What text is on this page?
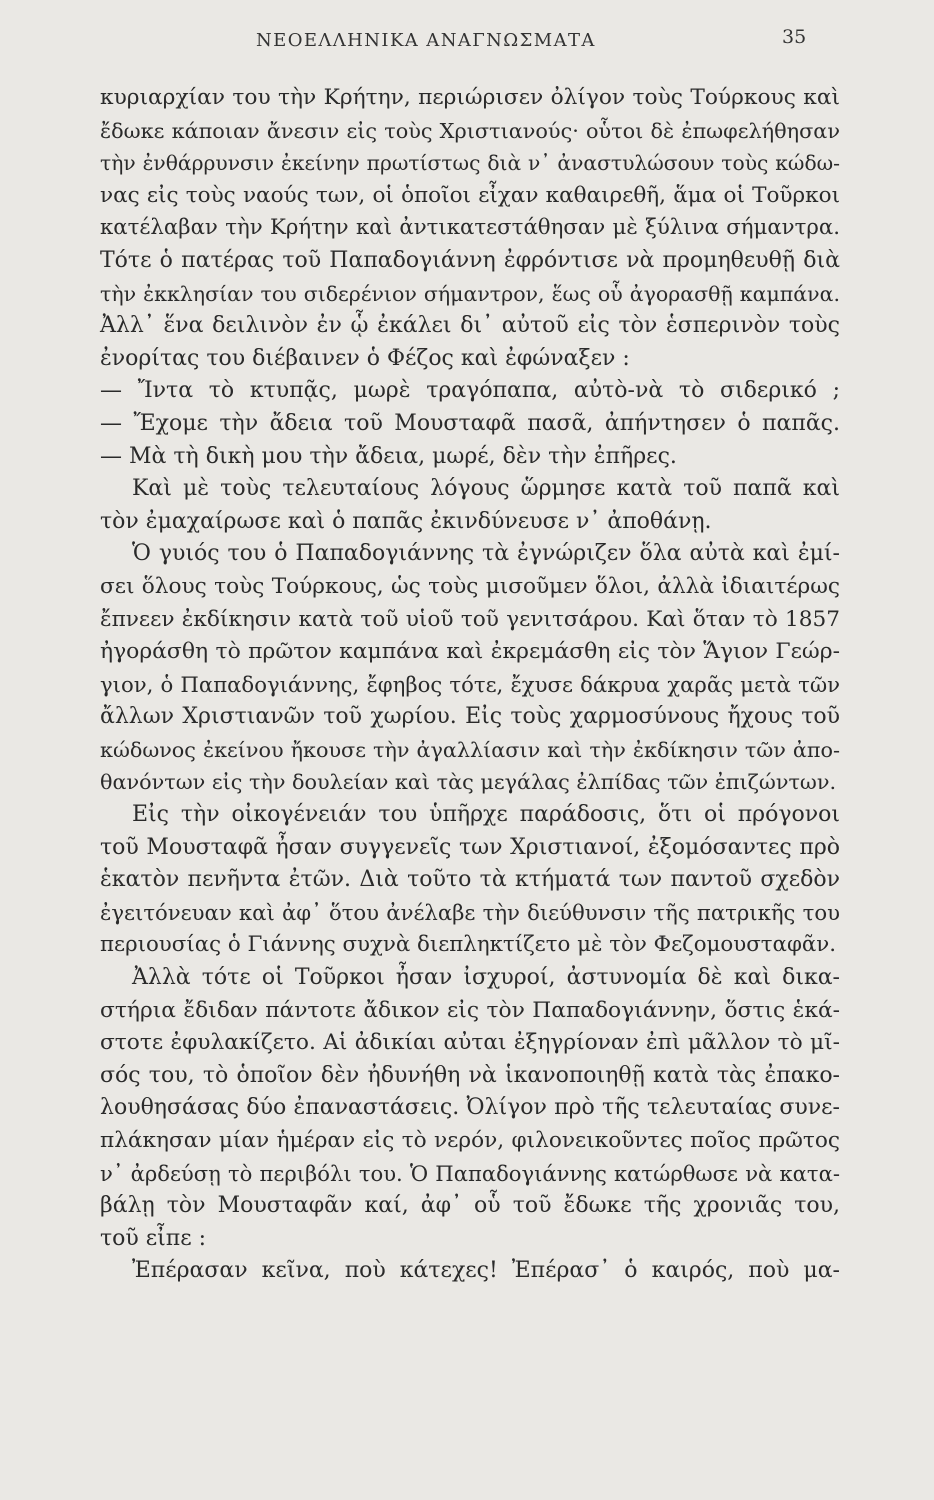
ΝΕΟΕΛΛΗΝΙΚΑ ΑΝΑΓΝΩΣΜΑΤΑ	35
κυριαρχίαν του τὴν Κρήτην, περιώρισεν ὀλίγον τοὺς Τούρκους καὶ
ἔδωκε κάποιαν ἄνεσιν εἰς τοὺς Χριστιανούς· οὗτοι δὲ ἐπωφελήθησαν
τὴν ἐνθάρρυνσιν ἐκείνην πρωτίστως διὰ ν᾿ ἀναστυλώσουν τοὺς κώδω-
νας εἰς τοὺς ναούς των, οἱ ὁποῖοι εἶχαν καθαιρεθῆ, ἅμα οἱ Τοῦρκοι
κατέλαβαν τὴν Κρήτην καὶ ἀντικατεστάθησαν μὲ ξύλινα σήμαντρα.
Τότε ὁ πατέρας τοῦ Παπαδογιάννη ἐφρόντισε νὰ προμηθευθῇ διὰ
τὴν ἐκκλησίαν του σιδερένιον σήμαντρον, ἕως οὗ ἀγορασθῇ καμπάνα.
Ἀλλ᾿ ἕνα δειλινὸν ἐν ᾧ ἐκάλει δι᾿ αὐτοῦ εἰς τὸν ἑσπερινὸν τοὺς
ἐνορίτας του διέβαινεν ὁ Φέζος καὶ ἐφώναξεν :
— Ἴντα τὸ κτυπᾷς, μωρὲ τραγόπαπα, αὐτὸ-νὰ τὸ σιδερικό ;
— Ἔχομε τὴν ἄδεια τοῦ Μουσταφᾶ πασᾶ, ἀπήντησεν ὁ παπᾶς.
— Μὰ τὴ δικὴ μου τὴν ἄδεια, μωρέ, δὲν τὴν ἐπῆρες.
Καὶ μὲ τοὺς τελευταίους λόγους ὥρμησε κατὰ τοῦ παπᾶ καὶ
τὸν ἐμαχαίρωσε καὶ ὁ παπᾶς ἐκινδύνευσε ν᾿ ἀποθάνῃ.
Ὁ γυιός του ὁ Παπαδογιάννης τὰ ἐγνώριζεν ὅλα αὐτὰ καὶ ἐμί-
σει ὅλους τοὺς Τούρκους, ὡς τοὺς μισοῦμεν ὅλοι, ἀλλὰ ἰδιαιτέρως
ἔπνεεν ἐκδίκησιν κατὰ τοῦ υἱοῦ τοῦ γενιτσάρου. Καὶ ὅταν τὸ 1857
ἠγοράσθη τὸ πρῶτον καμπάνα καὶ ἐκρεμάσθη εἰς τὸν Ἅγιον Γεώρ-
γιον, ὁ Παπαδογιάννης, ἔφηβος τότε, ἔχυσε δάκρυα χαρᾶς μετὰ τῶν
ἄλλων Χριστιανῶν τοῦ χωρίου. Εἰς τοὺς χαρμοσύνους ἤχους τοῦ
κώδωνος ἐκείνου ἤκουσε τὴν ἀγαλλίασιν καὶ τὴν ἐκδίκησιν τῶν ἀπο-
θανόντων εἰς τὴν δουλείαν καὶ τὰς μεγάλας ἐλπίδας τῶν ἐπιζώντων.
Εἰς τὴν οἰκογένειάν του ὑπῆρχε παράδοσις, ὅτι οἱ πρόγονοι
τοῦ Μουσταφᾶ ἦσαν συγγενεῖς των Χριστιανοί, ἐξομόσαντες πρὸ
ἑκατὸν πενῆντα ἐτῶν. Διὰ τοῦτο τὰ κτήματά των παντοῦ σχεδὸν
ἐγειτόνευαν καὶ ἀφ᾿ ὅτου ἀνέλαβε τὴν διεύθυνσιν τῆς πατρικῆς του
περιουσίας ὁ Γιάννης συχνὰ διεπληκτίζετο μὲ τὸν Φεζομουσταφᾶν.
Ἀλλὰ τότε οἱ Τοῦρκοι ἦσαν ἰσχυροί, ἀστυνομία δὲ καὶ δικα-
στήρια ἔδιδαν πάντοτε ἄδικον εἰς τὸν Παπαδογιάννην, ὅστις ἑκά-
στοτε ἐφυλακίζετο. Αἱ ἀδικίαι αὐται ἐξηγρίοναν ἐπὶ μᾶλλον τὸ μῖ-
σός του, τὸ ὁποῖον δὲν ἠδυνήθη νὰ ἱκανοποιηθῇ κατὰ τὰς ἐπακο-
λουθησάσας δύο ἐπαναστάσεις. Ὀλίγον πρὸ τῆς τελευταίας συνε-
πλάκησαν μίαν ἡμέραν εἰς τὸ νερόν, φιλονεικοῦντες ποῖος πρῶτος
ν᾿ ἀρδεύσῃ τὸ περιβόλι του. Ὁ Παπαδογιάννης κατώρθωσε νὰ κατα-
βάλῃ τὸν Μουσταφᾶν καί, ἀφ᾿ οὗ τοῦ ἔδωκε τῆς χρονιᾶς του,
τοῦ εἶπε :
Ἐπέρασαν κεῖνα, ποὺ κάτεχες! Ἐπέρασ᾿ ὁ καιρός, ποὺ μα-
